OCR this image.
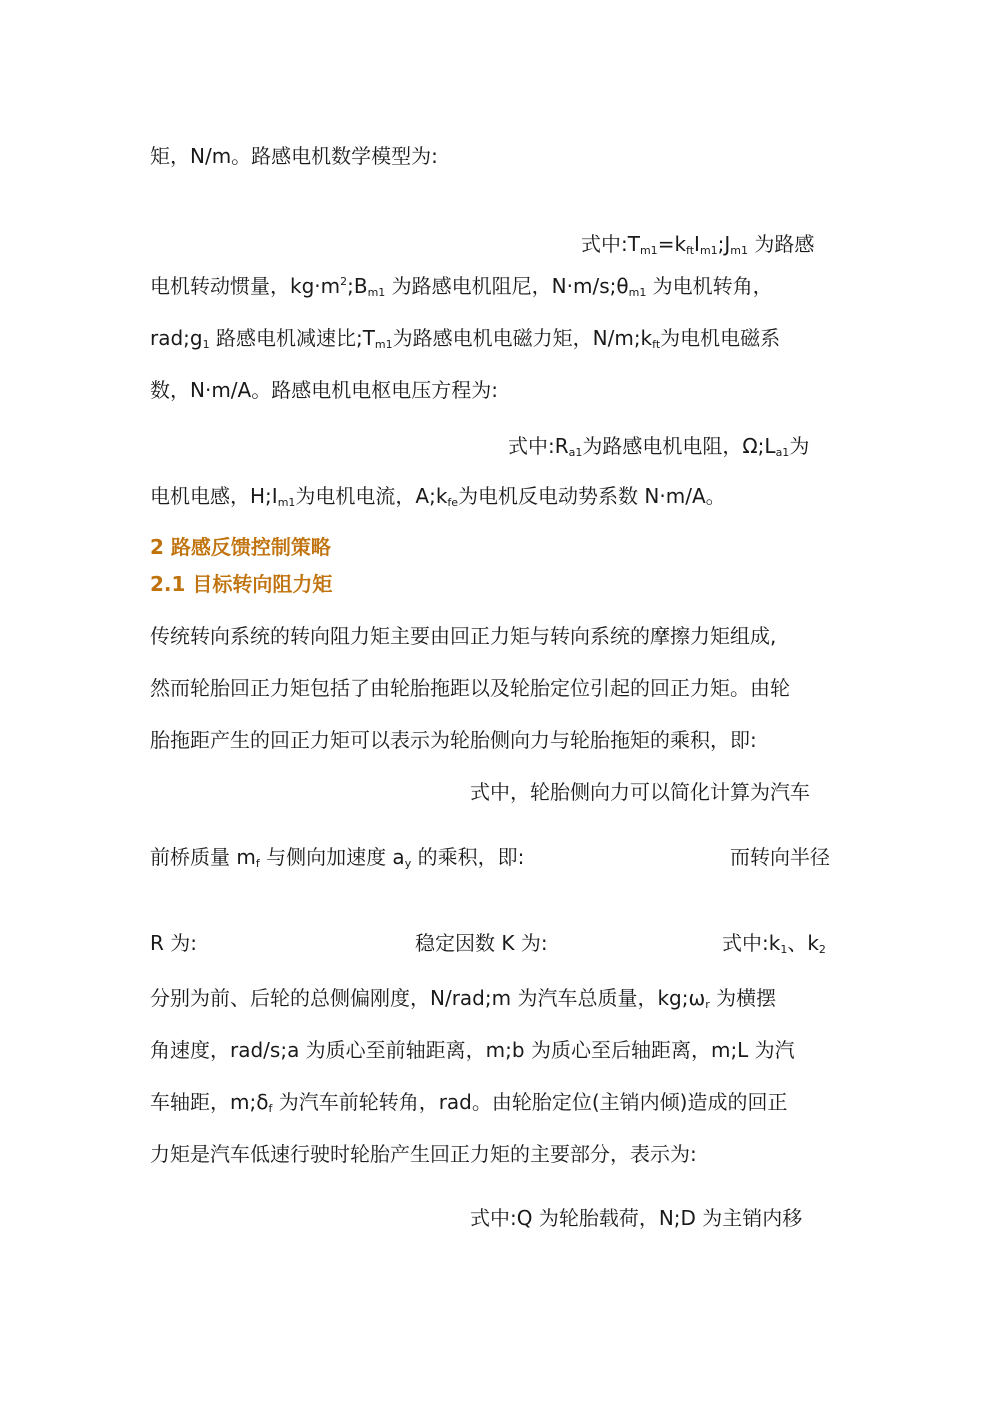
矩，N/m。路感电机数学模型为:

式中$:T_{m1}=k_{ft}I_{m1};J_{m1}$ 为路感

电机转动惯量，$kg\cdot m^2;B_{m1}$ 为路感电机阻尼，$N\cdot m/s;\theta_{m1}$ 为电机转角，

$rad;g_1$ 路感电机减速比$;T_{m1}$为路感电机电磁力矩，$N/m;k_{ft}$为电机电磁系

数，N·m/A。路感电机电枢电压方程为:

式中$:R_{a1}$为路感电机电阻，$\Omega;L_{a1}$为

电机电感，$H;I_{m1}$为电机电流，$A;k_{fe}$为电机反电动势系数 N·m/A。

2 路感反馈控制策略
2.1 目标转向阻力矩

传统转向系统的转向阻力矩主要由回正力矩与转向系统的摩擦力矩组成,

然而轮胎回正力矩包括了由轮胎拖距以及轮胎定位引起的回正力矩。由轮

胎拖距产生的回正力矩可以表示为轮胎侧向力与轮胎拖矩的乘积，即:

式中，轮胎侧向力可以简化计算为汽车

前桥质量 $m_f$ 与侧向加速度 $a_y$ 的乘积，即:	而转向半径

R 为:	稳定因数 K 为:	式中$:k_1$、$k_2$

分别为前、后轮的总侧偏刚度，N/rad;m 为汽车总质量，$kg;\omega_r$ 为横摆

角速度，rad/s;a 为质心至前轴距离，m;b 为质心至后轴距离，m;L 为汽

车轴距，$m;\delta_f$ 为汽车前轮转角，rad。由轮胎定位(主销内倾)造成的回正

力矩是汽车低速行驶时轮胎产生回正力矩的主要部分，表示为:

式中:Q 为轮胎载荷，N;D 为主销内移
